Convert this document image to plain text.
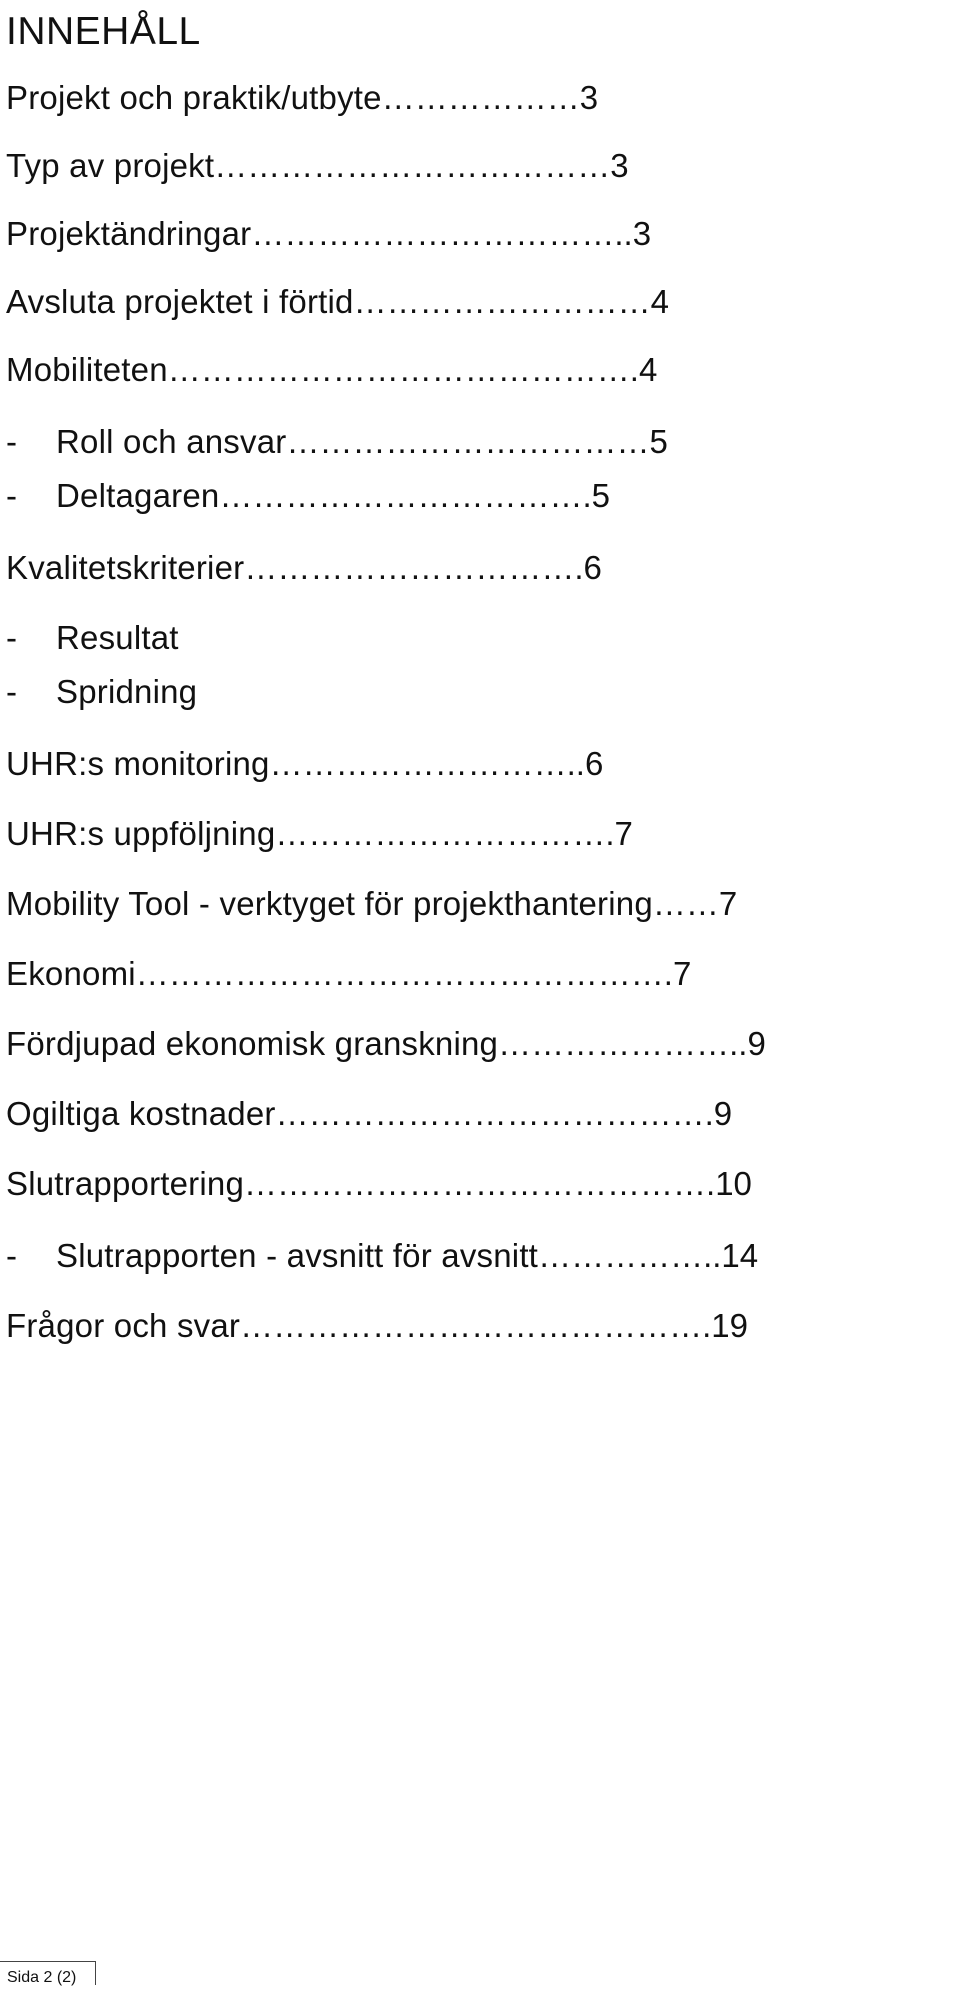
INNEHÅLL
Projekt och praktik/utbyte………………3
Typ av projekt………………………………3
Projektändringar……………………………..3
Avsluta projektet i förtid………………………4
Mobiliteten…………………………………….4
- Roll och ansvar……………………………5
- Deltagaren…………………………….5
Kvalitetskriterier………………………….6
- Resultat
- Spridning
UHR:s monitoring………………………..6
UHR:s uppföljning………………………….7
Mobility Tool - verktyget för projekthantering……7
Ekonomi………………………………………….7
Fördjupad ekonomisk granskning…………………..9
Ogiltiga kostnader………………………………….9
Slutrapportering…………………………………….10
- Slutrapporten - avsnitt för avsnitt……………..14
Frågor och svar…………………………………….19
Sida 2 (2)
